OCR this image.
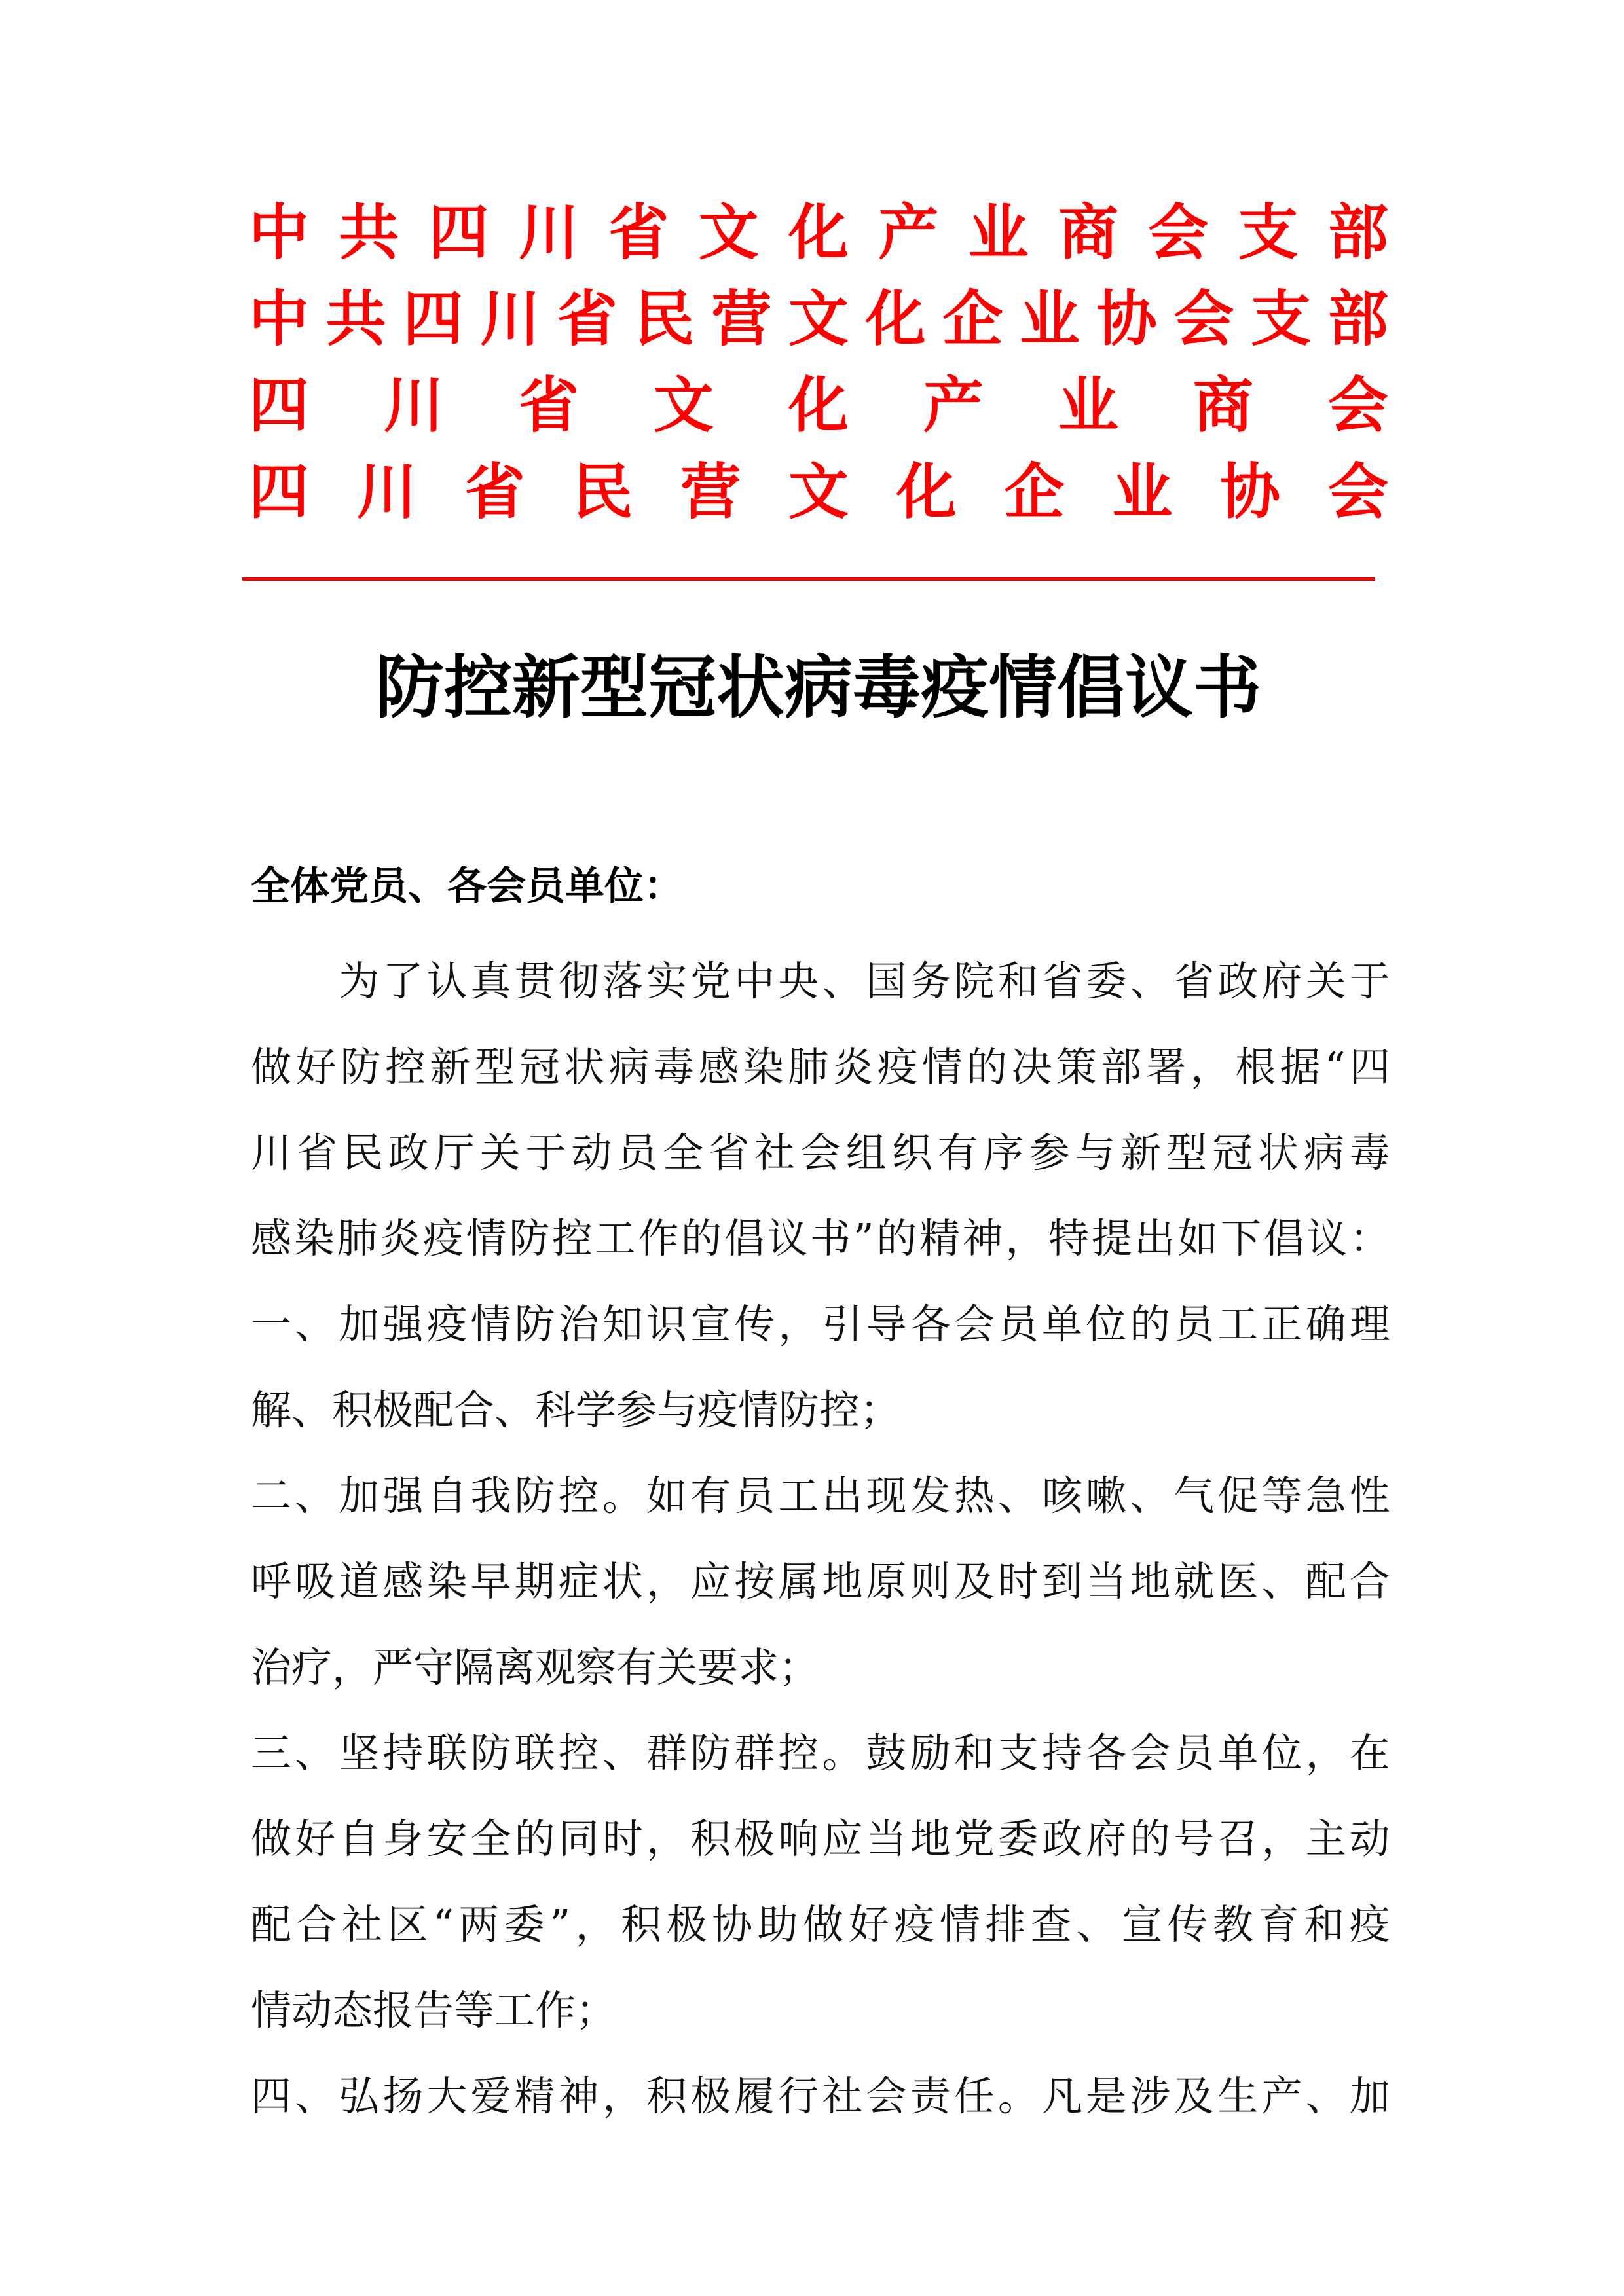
中 共 四 川 省 文 化 产 业 商 会 支 部
中 共 四 川 省 民 营 文 化 企 业 协 会 支 部
四 川 省 文 化 产 业 商 会
四 川 省 民 营 文 化 企 业 协 会
防控新型冠状病毒疫情倡议书
全体党员、各会员单位：
　　为了认真贯彻落实党中央、国务院和省委、省政府关于
做 好 防 控 新 型 冠 状 病 毒 感 染 肺 炎 疫 情 的 决 策 部 署 ， 根 据 “ 四
川 省 民 政 厅 关 于 动 员 全 省 社 会 组 织 有 序 参 与 新 型 冠 状 病 毒
感染肺炎疫情防控工作的倡议书”的精神，特提出如下倡议：
一、加强疫情防治知识宣传，引导各会员单位的员工正确理
解、积极配合、科学参与疫情防控；
二、加强自我防控。如有员工出现发热、咳嗽、气促等急性
呼吸道感染早期症状，应按属地原则及时到当地就医、配合
治疗，严守隔离观察有关要求；
三、坚持联防联控、群防群控。鼓励和支持各会员单位，在
做好自身安全的同时，积极响应当地党委政府的号召，主动
配 合 社 区 “ 两 委 ” ， 积 极 协 助 做 好 疫 情 排 查 、 宣 传 教 育 和 疫
情动态报告等工作；
四、弘扬大爱精神，积极履行社会责任。凡是涉及生产、加
